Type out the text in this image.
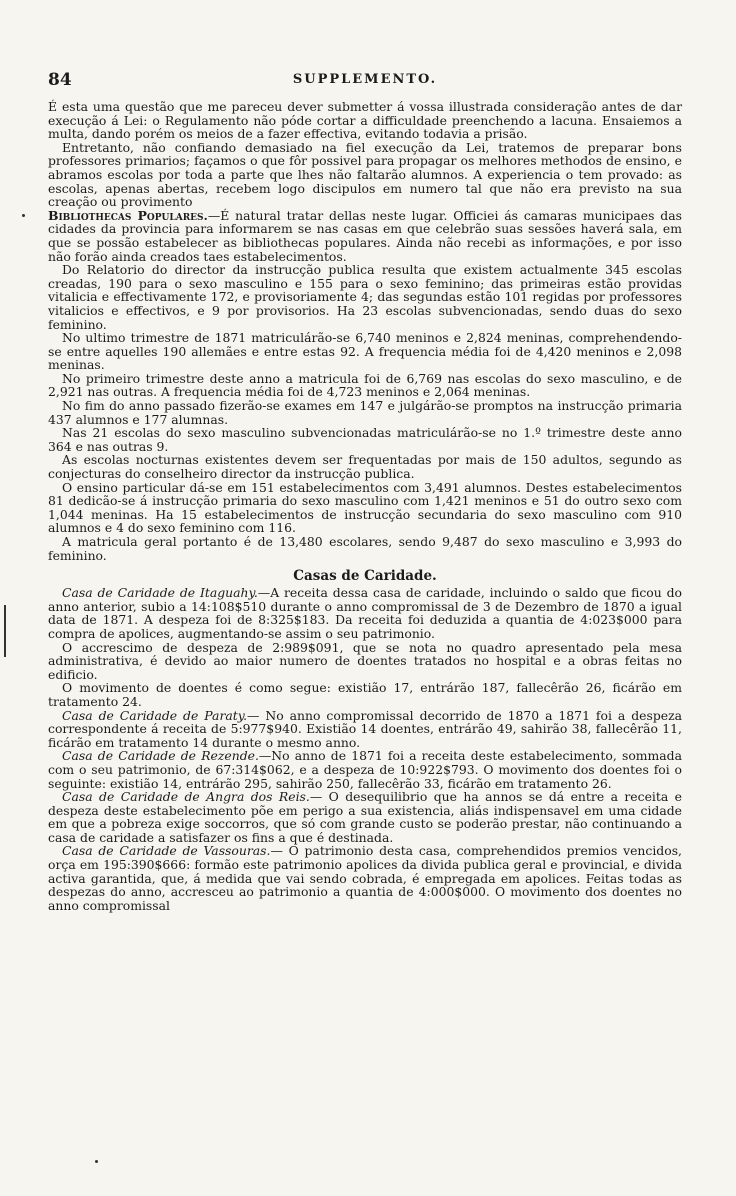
84	SUPPLEMENTO.

É esta uma questão que me pareceu dever submetter á vossa illustrada consideração antes de dar execução á Lei: o Regulamento não póde cortar a difficuldade preenchendo a lacuna. Ensaiemos a multa, dando porém os meios de a fazer effectiva, evitando todavia a prisão.

Entretanto, não confiando demasiado na fiel execução da Lei, tratemos de preparar bons professores primarios; façamos o que fôr possivel para propagar os melhores methodos de ensino, e abramos escolas por toda a parte que lhes não faltarão alumnos. A experiencia o tem provado: as escolas, apenas abertas, recebem logo discipulos em numero tal que não era previsto na sua creação ou provimento

Bibliothecas Populares.—É natural tratar dellas neste lugar. Officiei ás camaras municipaes das cidades da provincia para informarem se nas casas em que celebrão suas sessões haverá sala, em que se possão estabelecer as bibliothecas populares. Ainda não recebi as informações, e por isso não forão ainda creados taes estabelecimentos.

Do Relatorio do director da instrucção publica resulta que existem actualmente 345 escolas creadas, 190 para o sexo masculino e 155 para o sexo feminino; das primeiras estão providas vitalicia e effectivamente 172, e provisoriamente 4; das segundas estão 101 regidas por professores vitalicios e effectivos, e 9 por provisorios. Ha 23 escolas subvencionadas, sendo duas do sexo feminino.

No ultimo trimestre de 1871 matriculárão-se 6,740 meninos e 2,824 meninas, comprehendendo-se entre aquelles 190 allemães e entre estas 92. A frequencia média foi de 4,420 meninos e 2,098 meninas.

No primeiro trimestre deste anno a matricula foi de 6,769 nas escolas do sexo masculino, e de 2,921 nas outras. A frequencia média foi de 4,723 meninos e 2,064 meninas.

No fim do anno passado fizerão-se exames em 147 e julgárão-se promptos na instrucção primaria 437 alumnos e 177 alumnas.

Nas 21 escolas do sexo masculino subvencionadas matriculárão-se no 1.º trimestre deste anno 364 e nas outras 9.

As escolas nocturnas existentes devem ser frequentadas por mais de 150 adultos, segundo as conjecturas do conselheiro director da instrucção publica.

O ensino particular dá-se em 151 estabelecimentos com 3,491 alumnos. Destes estabelecimentos 81 dedicão-se á instrucção primaria do sexo masculino com 1,421 meninos e 51 do outro sexo com 1,044 meninas. Ha 15 estabelecimentos de instrucção secundaria do sexo masculino com 910 alumnos e 4 do sexo feminino com 116.

A matricula geral portanto é de 13,480 escolares, sendo 9,487 do sexo masculino e 3,993 do feminino.

Casas de Caridade.

Casa de Caridade de Itaguahy.—A receita dessa casa de caridade, incluindo o saldo que ficou do anno anterior, subio a 14:108$510 durante o anno compromissal de 3 de Dezembro de 1870 a igual data de 1871. A despeza foi de 8:325$183. Da receita foi deduzida a quantia de 4:023$000 para compra de apolices, augmentando-se assim o seu patrimonio.

O accrescimo de despeza de 2:989$091, que se nota no quadro apresentado pela mesa administrativa, é devido ao maior numero de doentes tratados no hospital e a obras feitas no edificio.

O movimento de doentes é como segue: existião 17, entrárão 187, fallecêrão 26, ficárão em tratamento 24.

Casa de Caridade de Paraty.— No anno compromissal decorrido de 1870 a 1871 foi a despeza correspondente á receita de 5:977$940. Existião 14 doentes, entrárão 49, sahirão 38, fallecêrão 11, ficárão em tratamento 14 durante o mesmo anno.

Casa de Caridade de Rezende.—No anno de 1871 foi a receita deste estabelecimento, sommada com o seu patrimonio, de 67:314$062, e a despeza de 10:922$793. O movimento dos doentes foi o seguinte: existião 14, entrárão 295, sahirão 250, fallecêrão 33, ficárão em tratamento 26.

Casa de Caridade de Angra dos Reis.— O desequilibrio que ha annos se dá entre a receita e despeza deste estabelecimento põe em perigo a sua existencia, aliás indispensavel em uma cidade em que a pobreza exige soccorros, que só com grande custo se poderão prestar, não continuando a casa de caridade a satisfazer os fins a que é destinada.

Casa de Caridade de Vassouras.— O patrimonio desta casa, comprehendidos premios vencidos, orça em 195:390$666: formão este patrimonio apolices da divida publica geral e provincial, e divida activa garantida, que, á medida que vai sendo cobrada, é empregada em apolices. Feitas todas as despezas do anno, accresceu ao patrimonio a quantia de 4:000$000. O movimento dos doentes no anno compromissal
